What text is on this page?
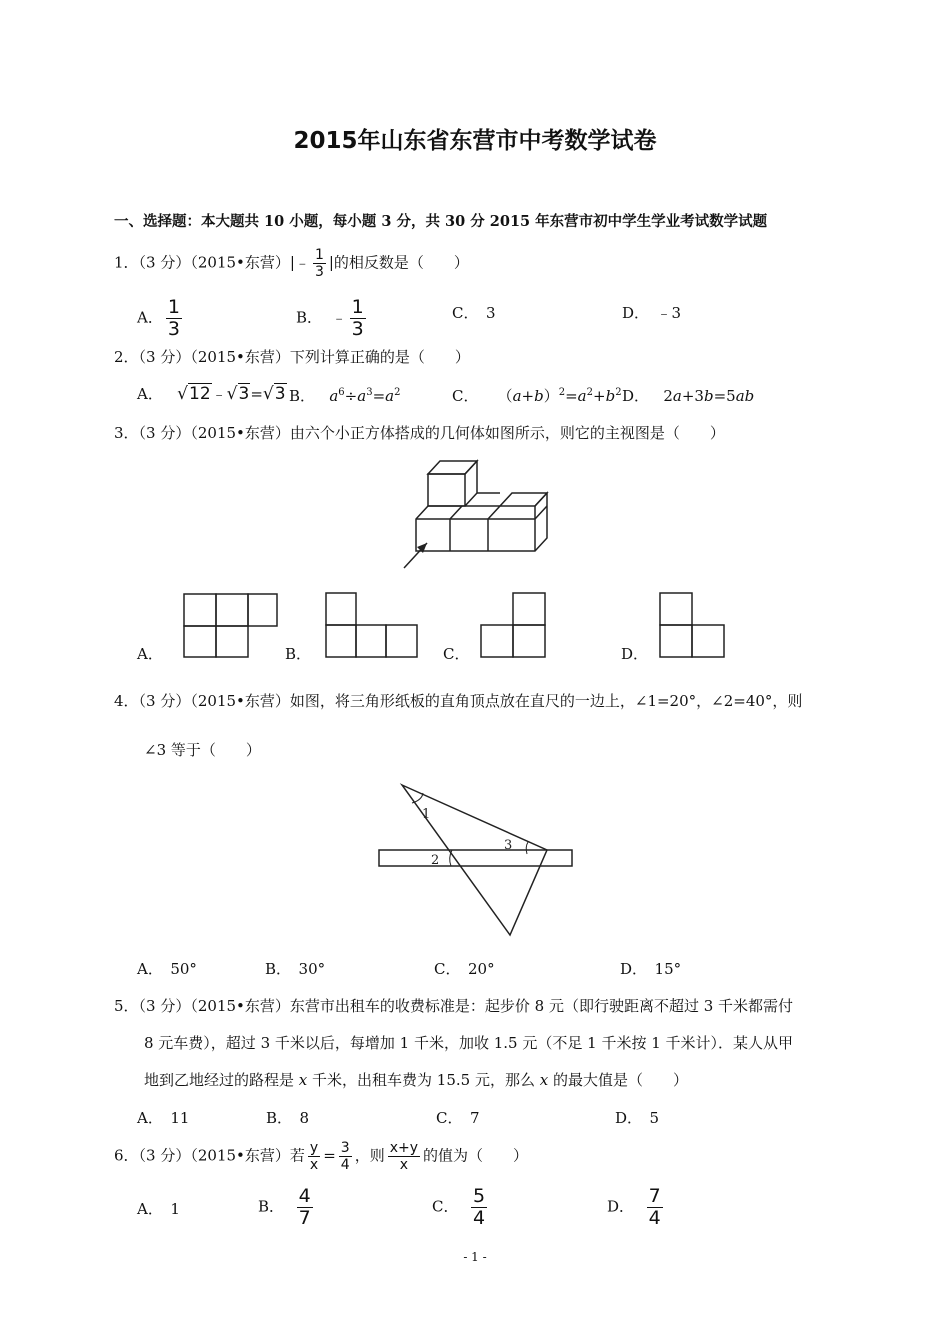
2015年山东省东营市中考数学试卷
一、选择题：本大题共 10 小题，每小题 3 分，共 30 分 2015 年东营市初中学生学业考试数学试题
1．（3 分）（2015•东营）|﹣ $\frac{1}{3}$ |的相反数是（　　）
A． $\frac{1}{3}$	B． ﹣ $\frac{1}{3}$	C．　3	D．　﹣3
2．（3 分）（2015•东营）下列计算正确的是（　　）
A． √12﹣√3=√3 B． $a^6\div a^3=a^2$	C．    $(a+b)^2=a^2+b^2$ D．   2a+3b=5ab
3．（3 分）（2015•东营）由六个小正方体搭成的几何体如图所示，则它的主视图是（　　）
A．	B．	C．	D．
4．（3 分）（2015•东营）如图，将三角形纸板的直角顶点放在直尺的一边上，∠1=20°，∠2=40°，则
∠3 等于（　　）
1
2
3
A．　50°	B．　30°	C．　20°	D．　15°
5．（3 分）（2015•东营）东营市出租车的收费标准是：起步价 8 元（即行驶距离不超过 3 千米都需付
8 元车费），超过 3 千米以后，每增加 1 千米，加收 1.5 元（不足 1 千米按 1 千米计）．某人从甲
地到乙地经过的路程是 x 千米，出租车费为 15.5 元，那么 x 的最大值是（　　）
A．　11	B．　8	C．　7	D．　5
6．（3 分）（2015•东营）若 $\frac{y}{x} = \frac{3}{4}$ ，则 $\frac{x+y}{x}$ 的值为（　　）
A．　1	B． $\frac{4}{7}$	C． $\frac{5}{4}$	D． $\frac{7}{4}$
- 1 -
